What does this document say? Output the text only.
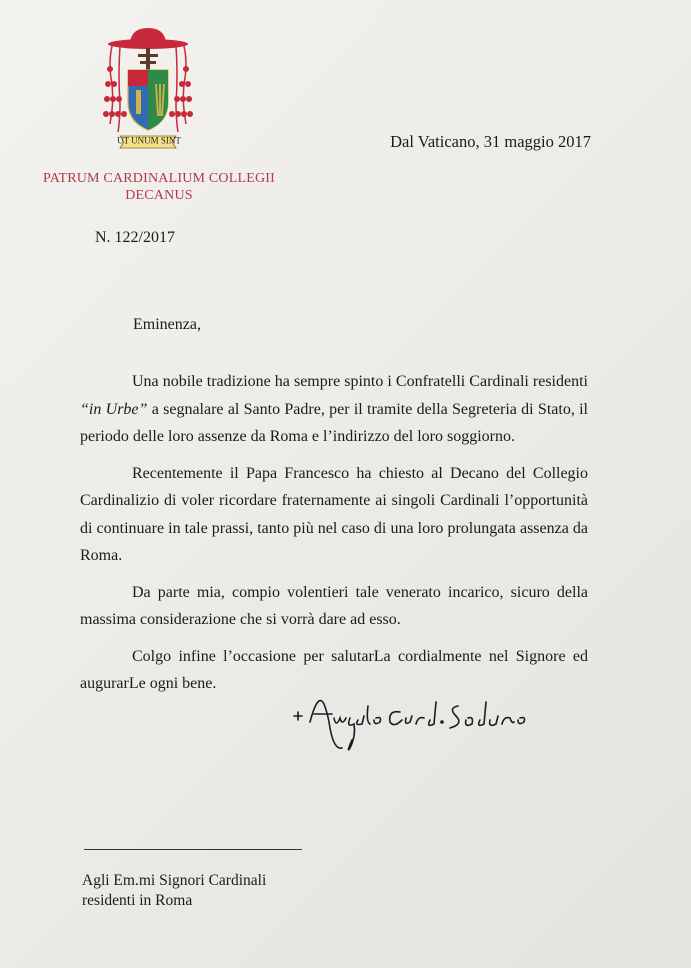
UT UNUM SINT
PATRUM CARDINALIUM COLLEGII
DECANUS
Dal Vaticano, 31 maggio 2017
N. 122/2017
Eminenza,

Una nobile tradizione ha sempre spinto i Confratelli Cardinali residenti “in Urbe” a segnalare al Santo Padre, per il tramite della Segreteria di Stato, il periodo delle loro assenze da Roma e l’indirizzo del loro soggiorno.

Recentemente il Papa Francesco ha chiesto al Decano del Collegio Cardinalizio di voler ricordare fraternamente ai singoli Cardinali l’opportunità di continuare in tale prassi, tanto più nel caso di una loro prolungata assenza da Roma.

Da parte mia, compio volentieri tale venerato incarico, sicuro della massima considerazione che si vorrà dare ad esso.

Colgo infine l’occasione per salutarLa cordialmente nel Signore ed augurarLe ogni bene.

Agli Em.mi Signori Cardinali
residenti in Roma
